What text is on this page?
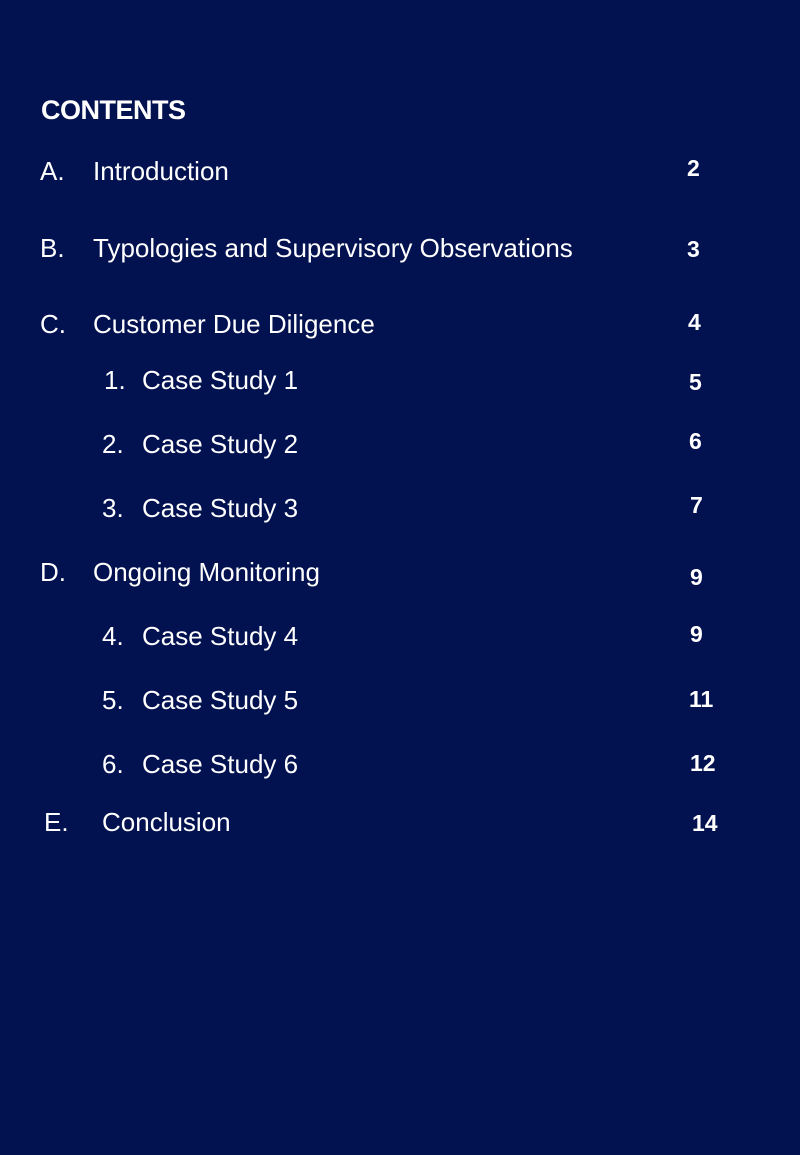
CONTENTS
A. Introduction	2
B. Typologies and Supervisory Observations	3
C. Customer Due Diligence	4
1. Case Study 1	5
2. Case Study 2	6
3. Case Study 3	7
D. Ongoing Monitoring	9
4. Case Study 4	9
5. Case Study 5	11
6. Case Study 6	12
E. Conclusion	14
